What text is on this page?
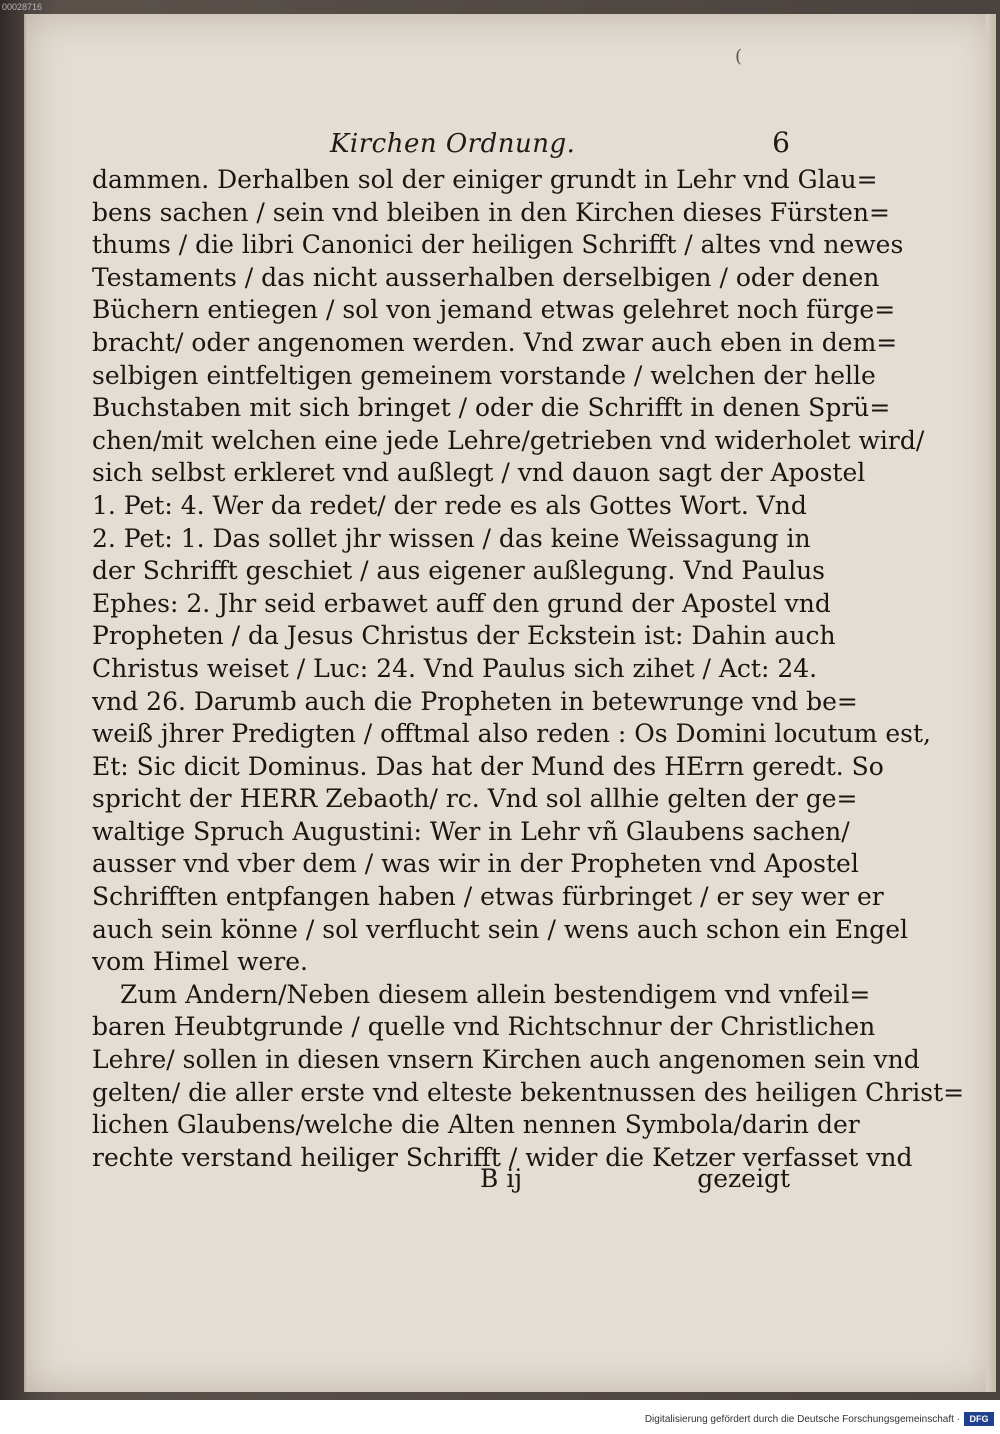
00028716
(
Kirchen Ordnung.	6
dammen. Derhalben sol der einiger grundt in Lehr vnd Glau=
bens sachen / sein vnd bleiben in den Kirchen dieses Fürsten=
thums / die libri Canonici der heiligen Schrifft / altes vnd newes
Testaments / das nicht ausserhalben derselbigen / oder denen
Büchern entiegen / sol von jemand etwas gelehret noch fürge=
bracht/ oder angenomen werden. Vnd zwar auch eben in dem=
selbigen eintfeltigen gemeinem vorstande / welchen der helle
Buchstaben mit sich bringet / oder die Schrifft in denen Sprü=
chen/mit welchen eine jede Lehre/getrieben vnd widerholet wird/
sich selbst erkleret vnd außlegt / vnd dauon sagt der Apostel
1. Pet: 4. Wer da redet/ der rede es als Gottes Wort. Vnd
2. Pet: 1. Das sollet jhr wissen / das keine Weissagung in
der Schrifft geschiet / aus eigener außlegung. Vnd Paulus
Ephes: 2. Jhr seid erbawet auff den grund der Apostel vnd
Propheten / da Jesus Christus der Eckstein ist: Dahin auch
Christus weiset / Luc: 24. Vnd Paulus sich zihet / Act: 24.
vnd 26. Darumb auch die Propheten in betewrunge vnd be=
weiß jhrer Predigten / offtmal also reden : Os Domini locutum est,
Et: Sic dicit Dominus. Das hat der Mund des HErrn geredt. So
spricht der HERR Zebaoth/ rc. Vnd sol allhie gelten der ge=
waltige Spruch Augustini: Wer in Lehr vñ Glaubens sachen/
ausser vnd vber dem / was wir in der Propheten vnd Apostel
Schrifften entpfangen haben / etwas fürbringet / er sey wer er
auch sein könne / sol verflucht sein / wens auch schon ein Engel
vom Himel were.
Zum Andern/Neben diesem allein bestendigem vnd vnfeil=
baren Heubtgrunde / quelle vnd Richtschnur der Christlichen
Lehre/ sollen in diesen vnsern Kirchen auch angenomen sein vnd
gelten/ die aller erste vnd elteste bekentnussen des heiligen Christ=
lichen Glaubens/welche die Alten nennen Symbola/darin der
rechte verstand heiliger Schrifft / wider die Ketzer verfasset vnd
B ij	gezeigt
Digitalisierung gefördert durch die Deutsche Forschungsgemeinschaft ·	DFG
